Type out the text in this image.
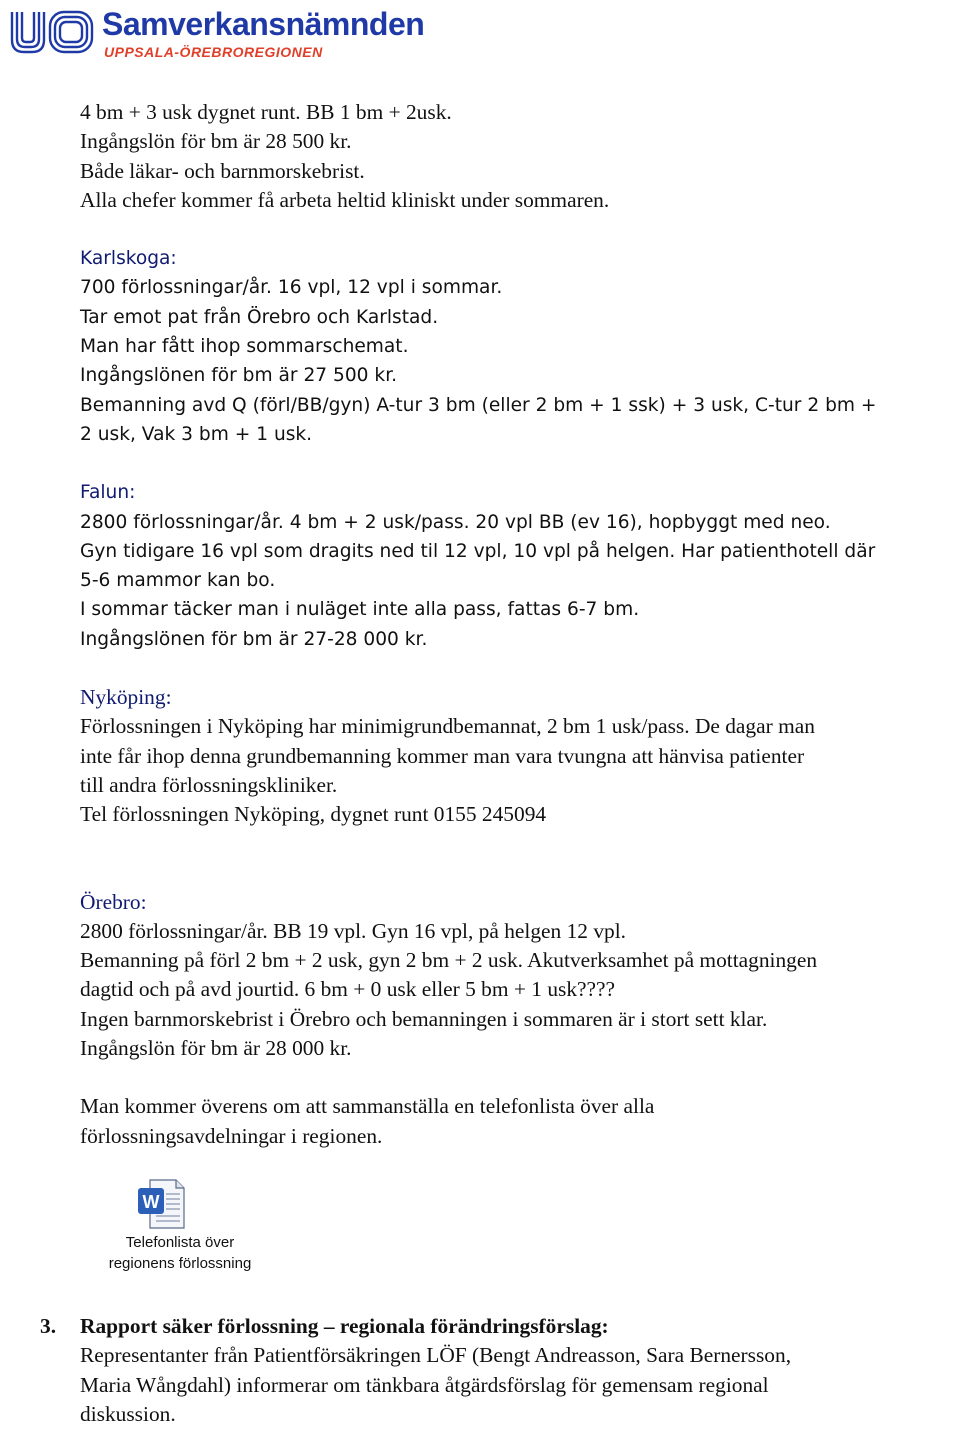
Samverkansnämnden
UPPSALA-ÖREBROREGIONEN
4 bm + 3 usk dygnet runt. BB 1 bm + 2usk.
Ingångslön för bm är 28 500 kr.
Både läkar- och barnmorskebrist.
Alla chefer kommer få arbeta heltid kliniskt under sommaren.
Karlskoga:
700 förlossningar/år. 16 vpl, 12 vpl i sommar.
Tar emot pat från Örebro och Karlstad.
Man har fått ihop sommarschemat.
Ingångslönen för bm är 27 500 kr.
Bemanning avd Q (förl/BB/gyn) A-tur 3 bm (eller 2 bm + 1 ssk) + 3 usk, C-tur 2 bm +
2 usk, Vak 3 bm + 1 usk.
Falun:
2800 förlossningar/år. 4 bm + 2 usk/pass. 20 vpl BB (ev 16), hopbyggt med neo.
Gyn tidigare 16 vpl som dragits ned til 12 vpl, 10 vpl på helgen. Har patienthotell där
5-6 mammor kan bo.
I sommar täcker man i nuläget inte alla pass, fattas 6-7 bm.
Ingångslönen för bm är 27-28 000 kr.
Nyköping:
Förlossningen i Nyköping har minimigrundbemannat, 2 bm 1 usk/pass. De dagar man
inte får ihop denna grundbemanning kommer man vara tvungna att hänvisa patienter
till andra förlossningskliniker.
Tel förlossningen Nyköping, dygnet runt 0155 245094
Örebro:
2800 förlossningar/år. BB 19 vpl. Gyn 16 vpl, på helgen 12 vpl.
Bemanning på förl 2 bm + 2 usk, gyn 2 bm + 2 usk. Akutverksamhet på mottagningen
dagtid och på avd jourtid. 6 bm + 0 usk eller 5 bm + 1 usk????
Ingen barnmorskebrist i Örebro och bemanningen i sommaren är i stort sett klar.
Ingångslön för bm är 28 000 kr.
Man kommer överens om att sammanställa en telefonlista över alla
förlossningsavdelningar i regionen.
W
Telefonlista över
regionens förlossning
3. Rapport säker förlossning – regionala förändringsförslag:
Representanter från Patientförsäkringen LÖF (Bengt Andreasson, Sara Bernersson,
Maria Wångdahl) informerar om tänkbara åtgärdsförslag för gemensam regional
diskussion.
